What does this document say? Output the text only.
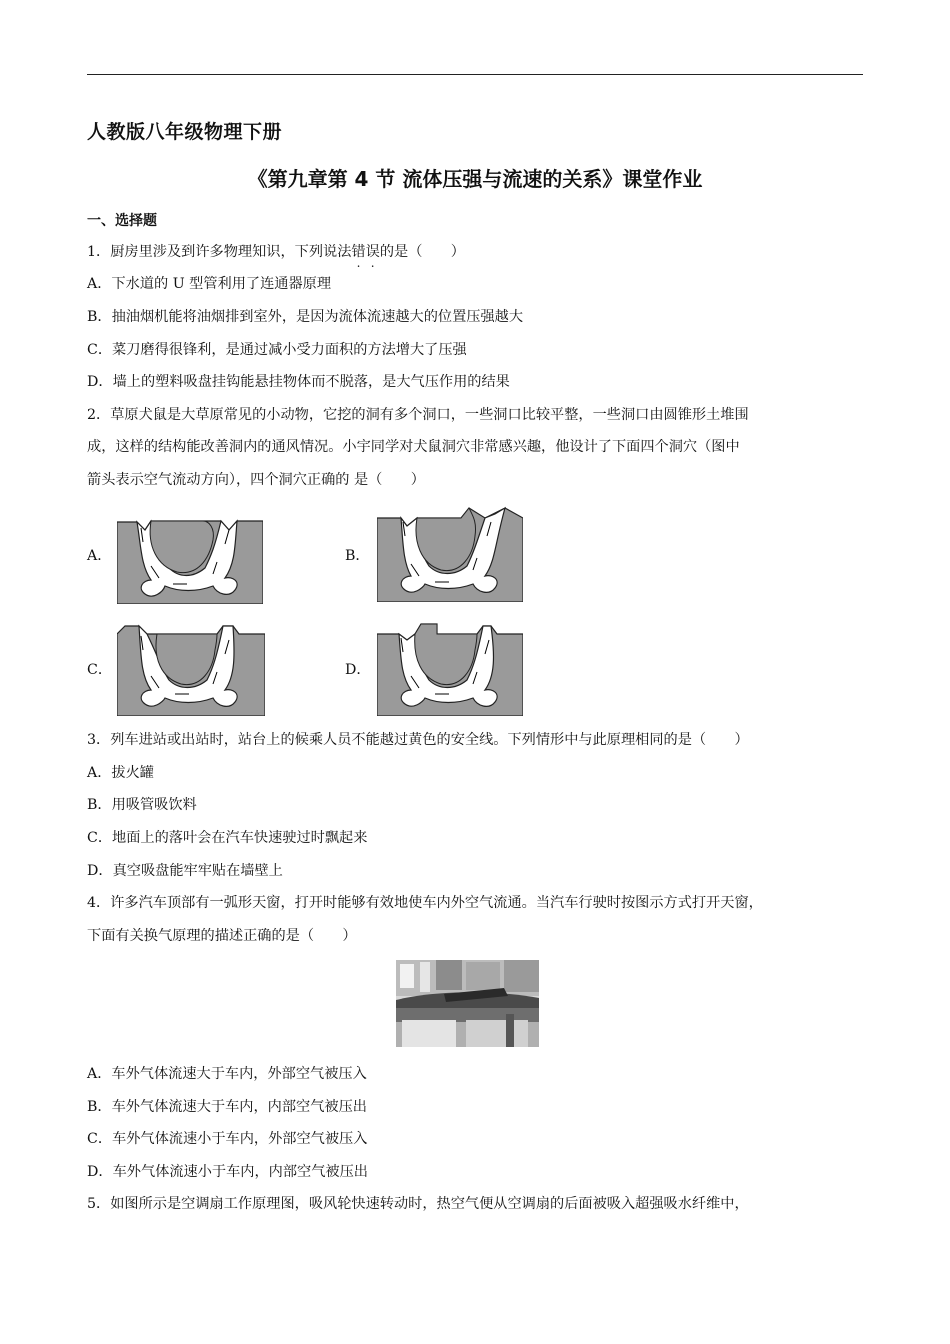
人教版八年级物理下册
《第九章第 4 节 流体压强与流速的关系》课堂作业
一、选择题
1．厨房里涉及到许多物理知识，下列说法错误的是（　　）
A．下水道的 U 型管利用了连通器原理
B．抽油烟机能将油烟排到室外，是因为流体流速越大的位置压强越大
C．菜刀磨得很锋利，是通过减小受力面积的方法增大了压强
D．墙上的塑料吸盘挂钩能悬挂物体而不脱落，是大气压作用的结果
2．草原犬鼠是大草原常见的小动物，它挖的洞有多个洞口，一些洞口比较平整，一些洞口由圆锥形土堆围
成，这样的结构能改善洞内的通风情况。小宇同学对犬鼠洞穴非常感兴趣，他设计了下面四个洞穴（图中
箭头表示空气流动方向），四个洞穴正确的 是（　　）
A．	B．
C．	D．
3．列车进站或出站时，站台上的候乘人员不能越过黄色的安全线。下列情形中与此原理相同的是（　　）
A．拔火罐
B．用吸管吸饮料
C．地面上的落叶会在汽车快速驶过时飘起来
D．真空吸盘能牢牢贴在墙壁上
4．许多汽车顶部有一弧形天窗，打开时能够有效地使车内外空气流通。当汽车行驶时按图示方式打开天窗，
下面有关换气原理的描述正确的是（　　）
A．车外气体流速大于车内，外部空气被压入
B．车外气体流速大于车内，内部空气被压出
C．车外气体流速小于车内，外部空气被压入
D．车外气体流速小于车内，内部空气被压出
5．如图所示是空调扇工作原理图，吸风轮快速转动时，热空气便从空调扇的后面被吸入超强吸水纤维中，
